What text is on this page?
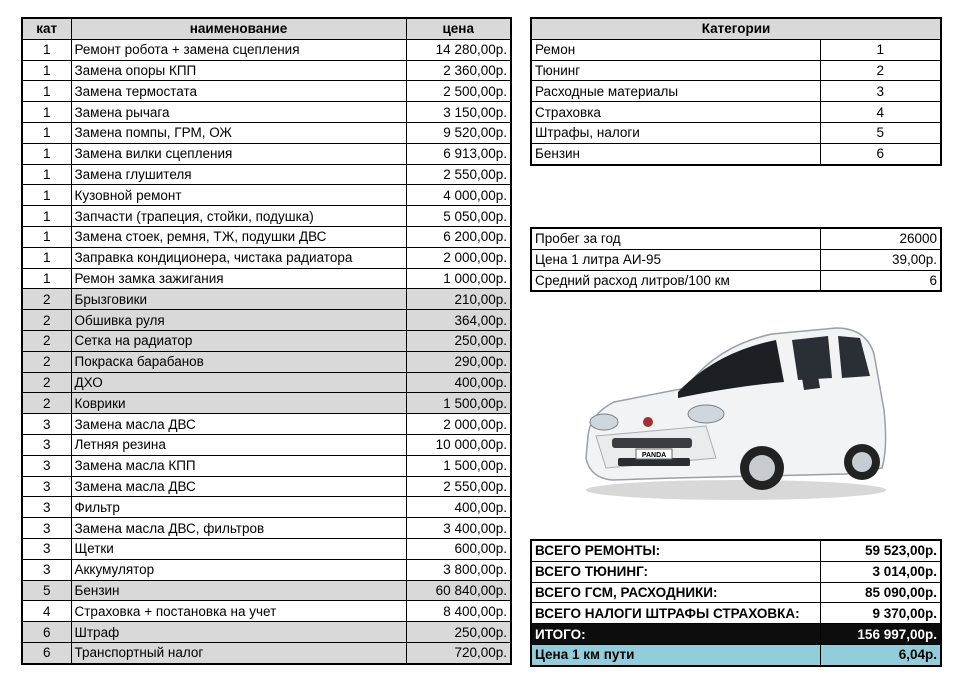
кат	наименование	цена
1	Ремонт робота + замена сцепления	14 280,00р.
1	Замена опоры КПП	2 360,00р.
1	Замена термостата	2 500,00р.
1	Замена рычага	3 150,00р.
1	Замена помпы, ГРМ, ОЖ	9 520,00р.
1	Замена вилки сцепления	6 913,00р.
1	Замена глушителя	2 550,00р.
1	Кузовной ремонт	4 000,00р.
1	Запчасти (трапеция, стойки, подушка)	5 050,00р.
1	Замена стоек, ремня, ТЖ, подушки ДВС	6 200,00р.
1	Заправка кондиционера, чистака радиатора	2 000,00р.
1	Ремон замка зажигания	1 000,00р.
2	Брызговики	210,00р.
2	Обшивка руля	364,00р.
2	Сетка на радиатор	250,00р.
2	Покраска барабанов	290,00р.
2	ДХО	400,00р.
2	Коврики	1 500,00р.
3	Замена масла ДВС	2 000,00р.
3	Летняя резина	10 000,00р.
3	Замена масла КПП	1 500,00р.
3	Замена масла ДВС	2 550,00р.
3	Фильтр	400,00р.
3	Замена масла ДВС, фильтров	3 400,00р.
3	Щетки	600,00р.
3	Аккумулятор	3 800,00р.
5	Бензин	60 840,00р.
4	Страховка + постановка на учет	8 400,00р.
6	Штраф	250,00р.
6	Транспортный налог	720,00р.
Категории	
Ремон	1
Тюнинг	2
Расходные материалы	3
Страховка	4
Штрафы, налоги	5
Бензин	6
Пробег за год	26000
Цена 1 литра АИ-95	39,00р.
Средний расход литров/100 км	6
PANDA
ВСЕГО РЕМОНТЫ:	59 523,00р.
ВСЕГО ТЮНИНГ:	3 014,00р.
ВСЕГО ГСМ, РАСХОДНИКИ:	85 090,00р.
ВСЕГО НАЛОГИ ШТРАФЫ СТРАХОВКА:	9 370,00р.
ИТОГО:	156 997,00р.
Цена 1 км пути	6,04р.
